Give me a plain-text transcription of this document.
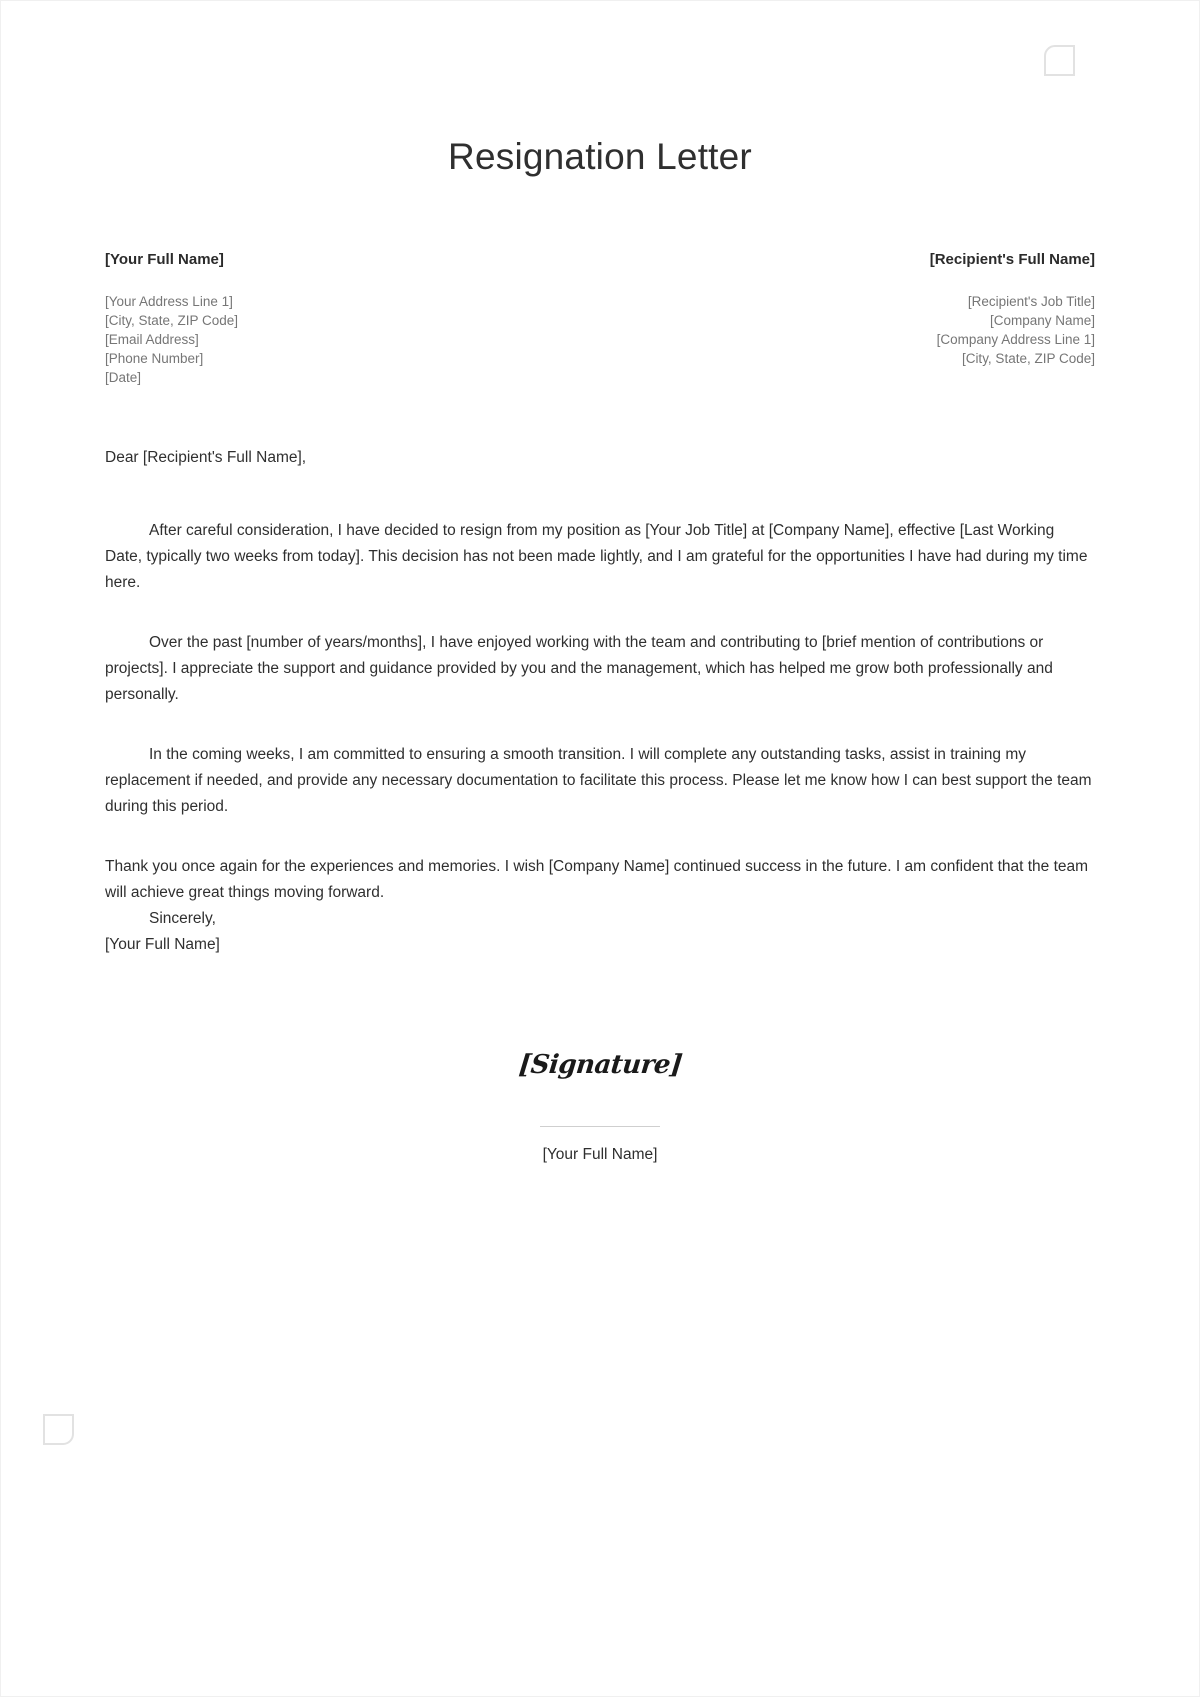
Resignation Letter

[Your Full Name]

[Your Address Line 1]

[City, State, ZIP Code]

[Email Address]

[Phone Number]

[Date]

[Recipient's Full Name]

[Recipient's Job Title]

[Company Name]

[Company Address Line 1]

[City, State, ZIP Code]

Dear [Recipient's Full Name],

After careful consideration, I have decided to resign from my position as [Your Job Title] at [Company Name], effective [Last Working Date, typically two weeks from today]. This decision has not been made lightly, and I am grateful for the opportunities I have had during my time here.

Over the past [number of years/months], I have enjoyed working with the team and contributing to [brief mention of contributions or projects]. I appreciate the support and guidance provided by you and the management, which has helped me grow both professionally and personally.

In the coming weeks, I am committed to ensuring a smooth transition. I will complete any outstanding tasks, assist in training my replacement if needed, and provide any necessary documentation to facilitate this process. Please let me know how I can best support the team during this period.

Thank you once again for the experiences and memories. I wish [Company Name] continued success in the future. I am confident that the team will achieve great things moving forward.

Sincerely,

[Your Full Name]

[Signature]
[Your Full Name]
